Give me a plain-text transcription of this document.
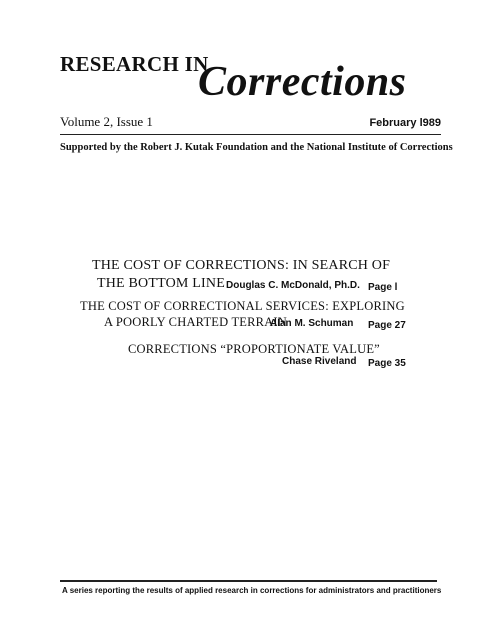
RESEARCH IN
Corrections
Volume 2, Issue 1	February l989
Supported by the Robert J. Kutak Foundation and the National Institute of Corrections
THE COST OF CORRECTIONS: IN SEARCH OF
THE BOTTOM LINE Douglas C. McDonald, Ph.D. Page l
THE COST OF CORRECTIONAL SERVICES: EXPLORING
A POORLY CHARTED TERRAIN
Alan M. Schuman Page 27
CORRECTIONS “PROPORTIONATE VALUE”
Chase Riveland Page 35
A series reporting the results of applied research in corrections for administrators and practitioners
